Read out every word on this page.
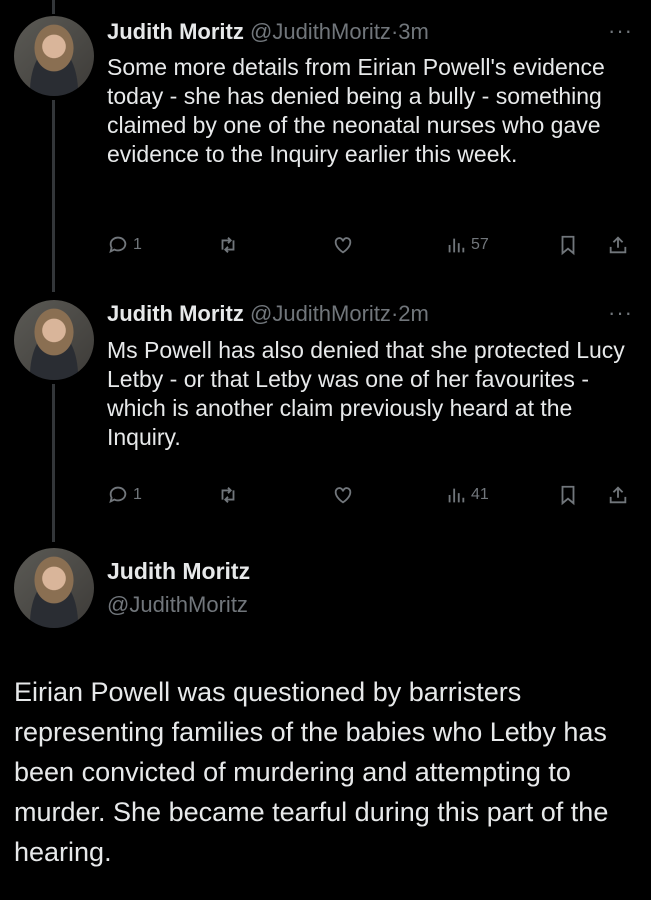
Judith Moritz @JudithMoritz·3m	···
Some more details from Eirian Powell's evidence today - she has denied being a bully - something claimed by one of the neonatal nurses who gave evidence to the Inquiry earlier this week.
1	57
Judith Moritz @JudithMoritz·2m	···
Ms Powell has also denied that she protected Lucy Letby - or that Letby was one of her favourites - which is another claim previously heard at the Inquiry.
1	41
Judith Moritz
@JudithMoritz
Eirian Powell was questioned by barristers representing families of the babies who Letby has been convicted of murdering and attempting to murder. She became tearful during this part of the hearing.
